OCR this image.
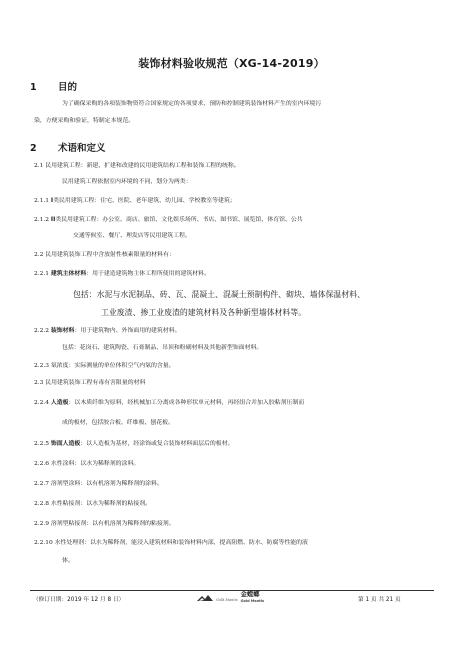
装饰材料验收规范（XG-14-2019）
1 目的
为了确保采购的各项装饰物资符合国家规定的各项要求，预防和控制建筑装饰材料产生的室内环境污
染，方便采购和验证，特制定本规范。
2 术语和定义
2.1 民用建筑工程：新建、扩建和改建的民用建筑结构工程和装饰工程的统称。
民用建筑工程依据室内环境的不同，划分为两类：
2.1.1 I类民用建筑工程：住宅、医院、老年建筑、幼儿园、学校教室等建筑；
2.1.2 II类民用建筑工程：办公室、商店、旅馆、文化娱乐场所、书店、图书馆、展览馆、体育馆、公共
交通等候室、餐厅、理发店等民用建筑工程。
2.2 民用建筑装饰工程中含放射性核素限量的材料有：
2.2.1 建筑主体材料：用于建造建筑物主体工程所使用的建筑材料。
包括：水泥与水泥制品、砖、瓦、混凝土、混凝土预制构件、砌块、墙体保温材料、
工业废渣、掺工业废渣的建筑材料及各种新型墙体材料等。
2.2.2 装饰材料：用于建筑物内、外饰面用的建筑材料。
包括：花岗石、建筑陶瓷、石膏制品、吊顶和粉刷材料及其他新型饰面材料。
2.2.3 氡浓度：实际测量的单位体积空气内氡的含量。
2.3 民用建筑装饰工程有毒有害限量的材料
2.2.4 人造板：以木质纤维为原料，经机械加工分离成各种形状单元材料，再经组合并加入胶粘剂压制而
成的板材，包括胶合板、纤维板、刨花板。
2.2.5 饰面人造板：以人造板为基材，经涂饰或复合装饰材料面层后的板材。
2.2.6 水性涂料：以水为稀释剂的涂料。
2.2.7 溶剂型涂料：以有机溶剂为稀释剂的涂料。
2.2.8 水性粘接剂：以水为稀释剂的粘接剂。
2.2.9 溶剂型粘接剂：以有机溶剂为稀释剂的粘接剂。
2.2.10 水性处理剂：以水为稀释剂，能浸入建筑材料和装饰材料内部，提高阻燃、防水、防腐等性能的液
体。
（修订日期：2019 年 12 月 8 日）	Gold Mantis
金螳螂
Gold Mantis	第 1 页 共 21 页
